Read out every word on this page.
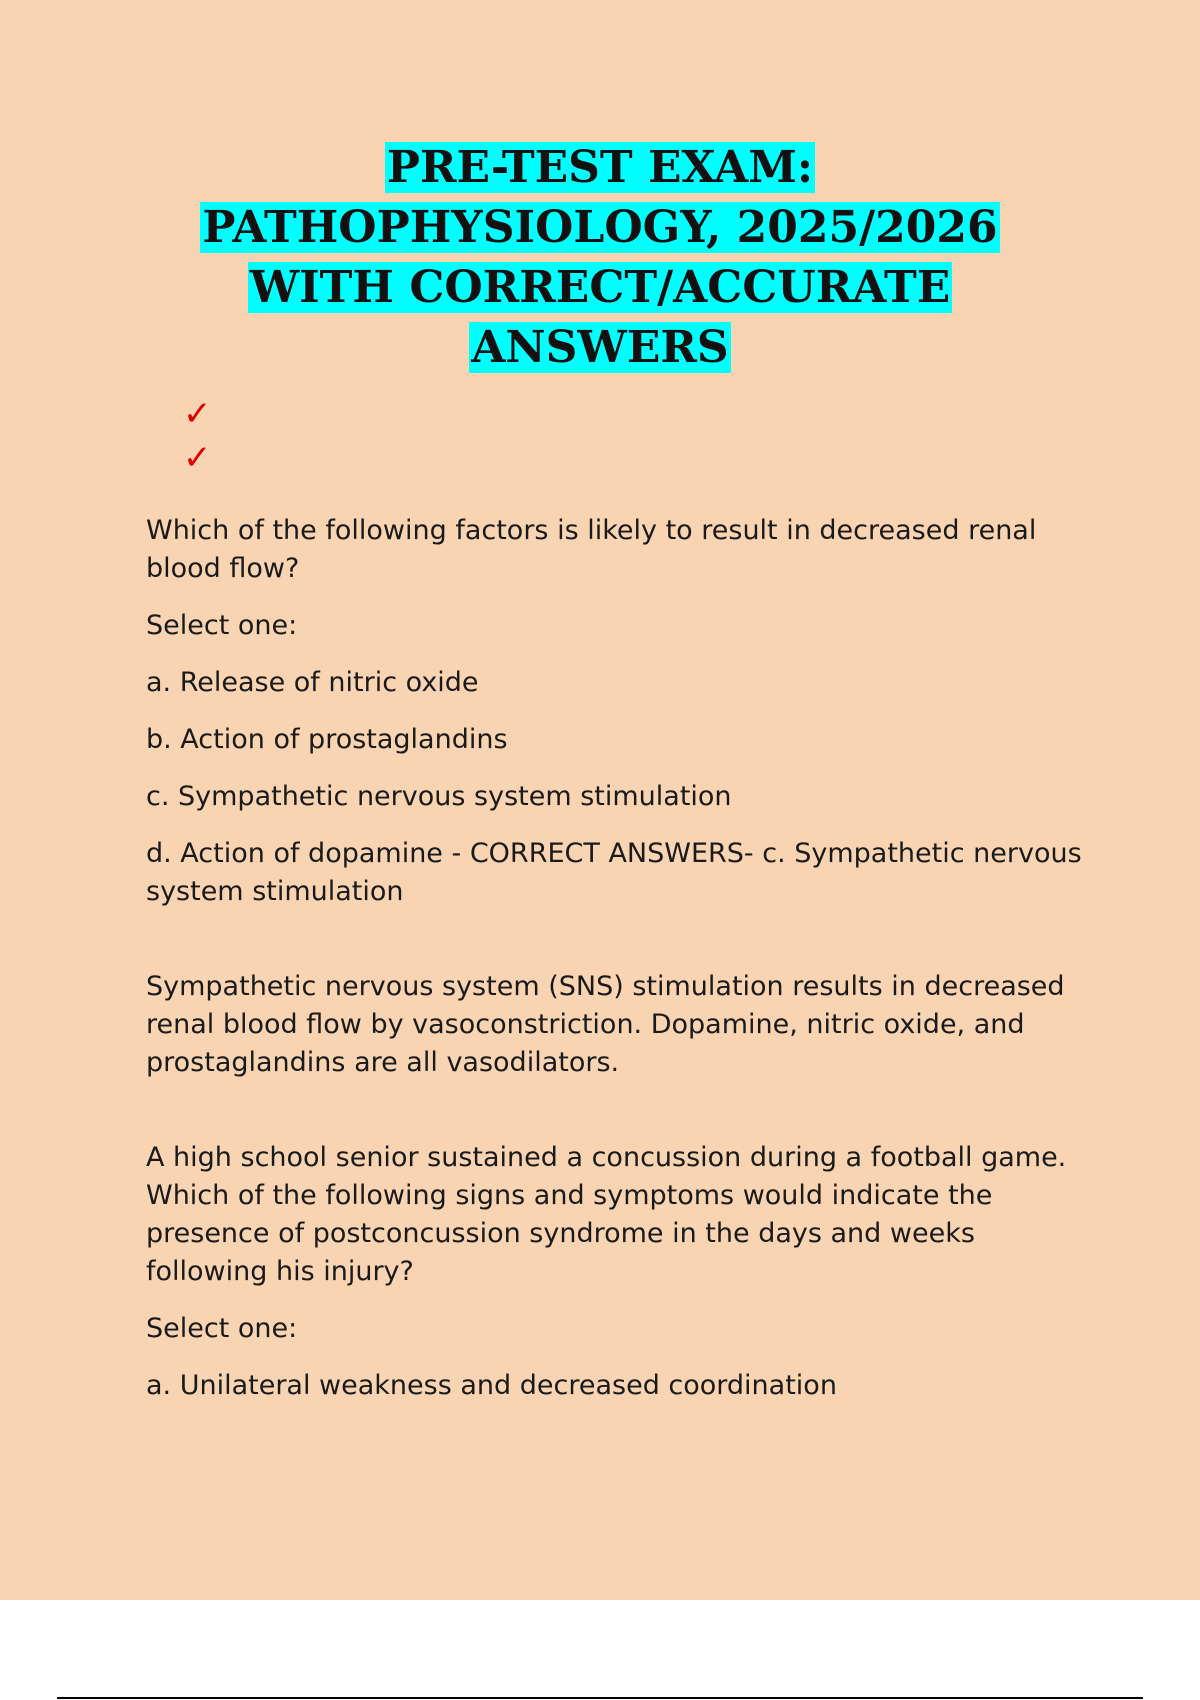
PRE-TEST EXAM:
PATHOPHYSIOLOGY, 2025/2026
WITH CORRECT/ACCURATE
ANSWERS
✓
✓

Which of the following factors is likely to result in decreased renal blood flow?

Select one:

a. Release of nitric oxide

b. Action of prostaglandins

c. Sympathetic nervous system stimulation

d. Action of dopamine - CORRECT ANSWERS- c. Sympathetic nervous system stimulation

Sympathetic nervous system (SNS) stimulation results in decreased renal blood flow by vasoconstriction. Dopamine, nitric oxide, and prostaglandins are all vasodilators.

A high school senior sustained a concussion during a football game. Which of the following signs and symptoms would indicate the presence of postconcussion syndrome in the days and weeks following his injury?

Select one:

a. Unilateral weakness and decreased coordination
